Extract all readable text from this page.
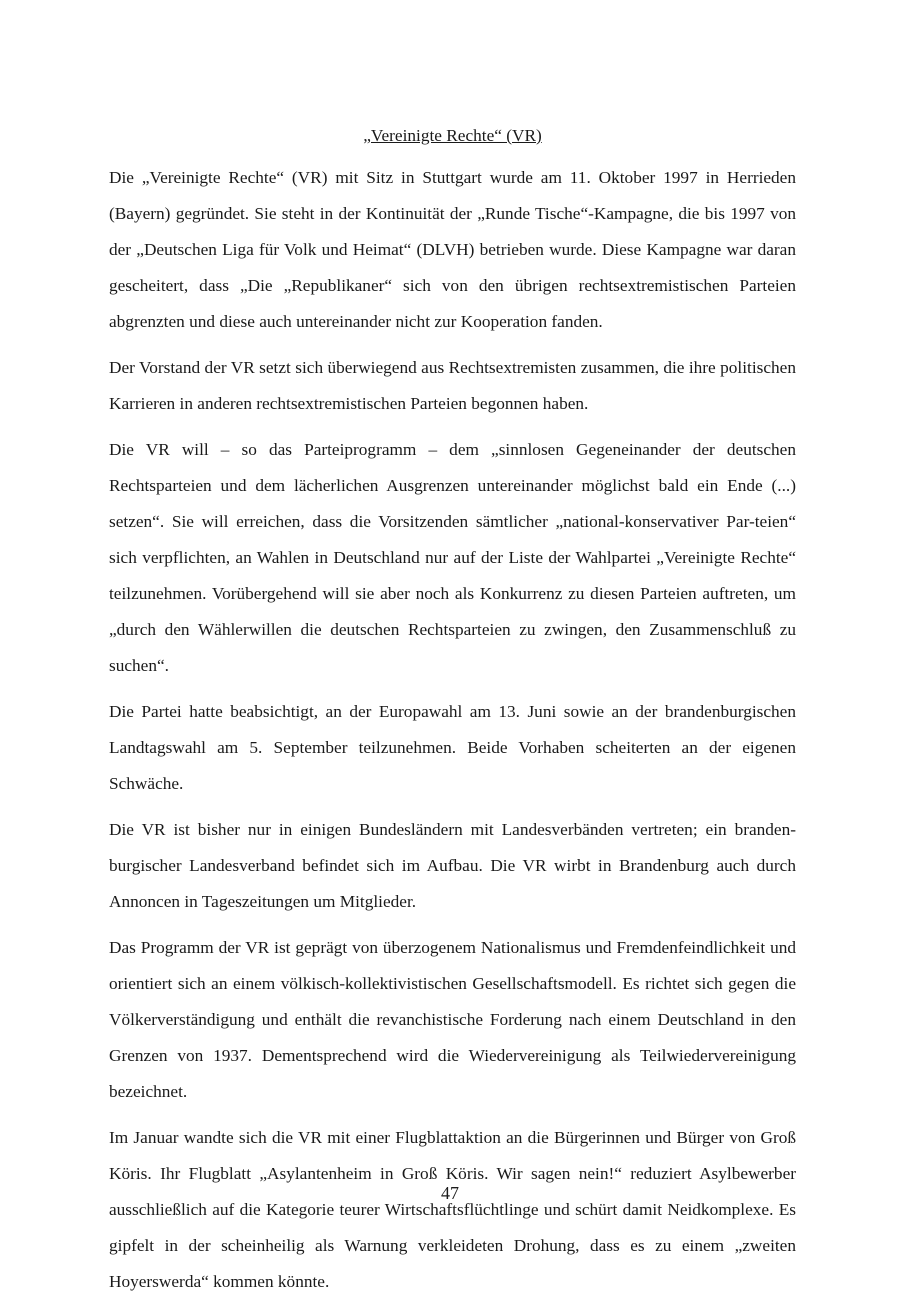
„Vereinigte Rechte“ (VR)

Die „Vereinigte Rechte“ (VR) mit Sitz in Stuttgart wurde am 11. Oktober 1997 in Herrieden (Bayern) gegründet. Sie steht in der Kontinuität der „Runde Tische“-Kampagne, die bis 1997 von der „Deutschen Liga für Volk und Heimat“ (DLVH) betrieben wurde. Diese Kampagne war daran gescheitert, dass „Die „Republikaner“ sich von den übrigen rechtsextremistischen Parteien abgrenzten und diese auch untereinander nicht zur Kooperation fanden.

Der Vorstand der VR setzt sich überwiegend aus Rechtsextremisten zusammen, die ihre politischen Karrieren in anderen rechtsextremistischen Parteien begonnen haben.

Die VR will – so das Parteiprogramm – dem „sinnlosen Gegeneinander der deutschen Rechtsparteien und dem lächerlichen Ausgrenzen untereinander möglichst bald ein Ende (...) setzen“. Sie will erreichen, dass die Vorsitzenden sämtlicher „national-konservativer Par-teien“ sich verpflichten, an Wahlen in Deutschland nur auf der Liste der Wahlpartei „Vereinigte Rechte“ teilzunehmen. Vorübergehend will sie aber noch als Konkurrenz zu diesen Parteien auftreten, um „durch den Wählerwillen die deutschen Rechtsparteien zu zwingen, den Zusammenschluß zu suchen“.

Die Partei hatte beabsichtigt, an der Europawahl am 13. Juni sowie an der brandenburgischen Landtagswahl am 5. September teilzunehmen. Beide Vorhaben scheiterten an der eigenen Schwäche.

Die VR ist bisher nur in einigen Bundesländern mit Landesverbänden vertreten; ein branden-burgischer Landesverband befindet sich im Aufbau. Die VR wirbt in Brandenburg auch durch Annoncen in Tageszeitungen um Mitglieder.

Das Programm der VR ist geprägt von überzogenem Nationalismus und Fremdenfeindlichkeit und orientiert sich an einem völkisch-kollektivistischen Gesellschaftsmodell. Es richtet sich gegen die Völkerverständigung und enthält die revanchistische Forderung nach einem Deutschland in den Grenzen von 1937. Dementsprechend wird die Wiedervereinigung als Teilwiedervereinigung bezeichnet.

Im Januar wandte sich die VR mit einer Flugblattaktion an die Bürgerinnen und Bürger von Groß Köris. Ihr Flugblatt „Asylantenheim in Groß Köris. Wir sagen nein!“ reduziert Asylbewerber ausschließlich auf die Kategorie teurer Wirtschaftsflüchtlinge und schürt damit Neidkomplexe. Es gipfelt in der scheinheilig als Warnung verkleideten Drohung, dass es zu einem „zweiten Hoyerswerda“ kommen könnte.

47
